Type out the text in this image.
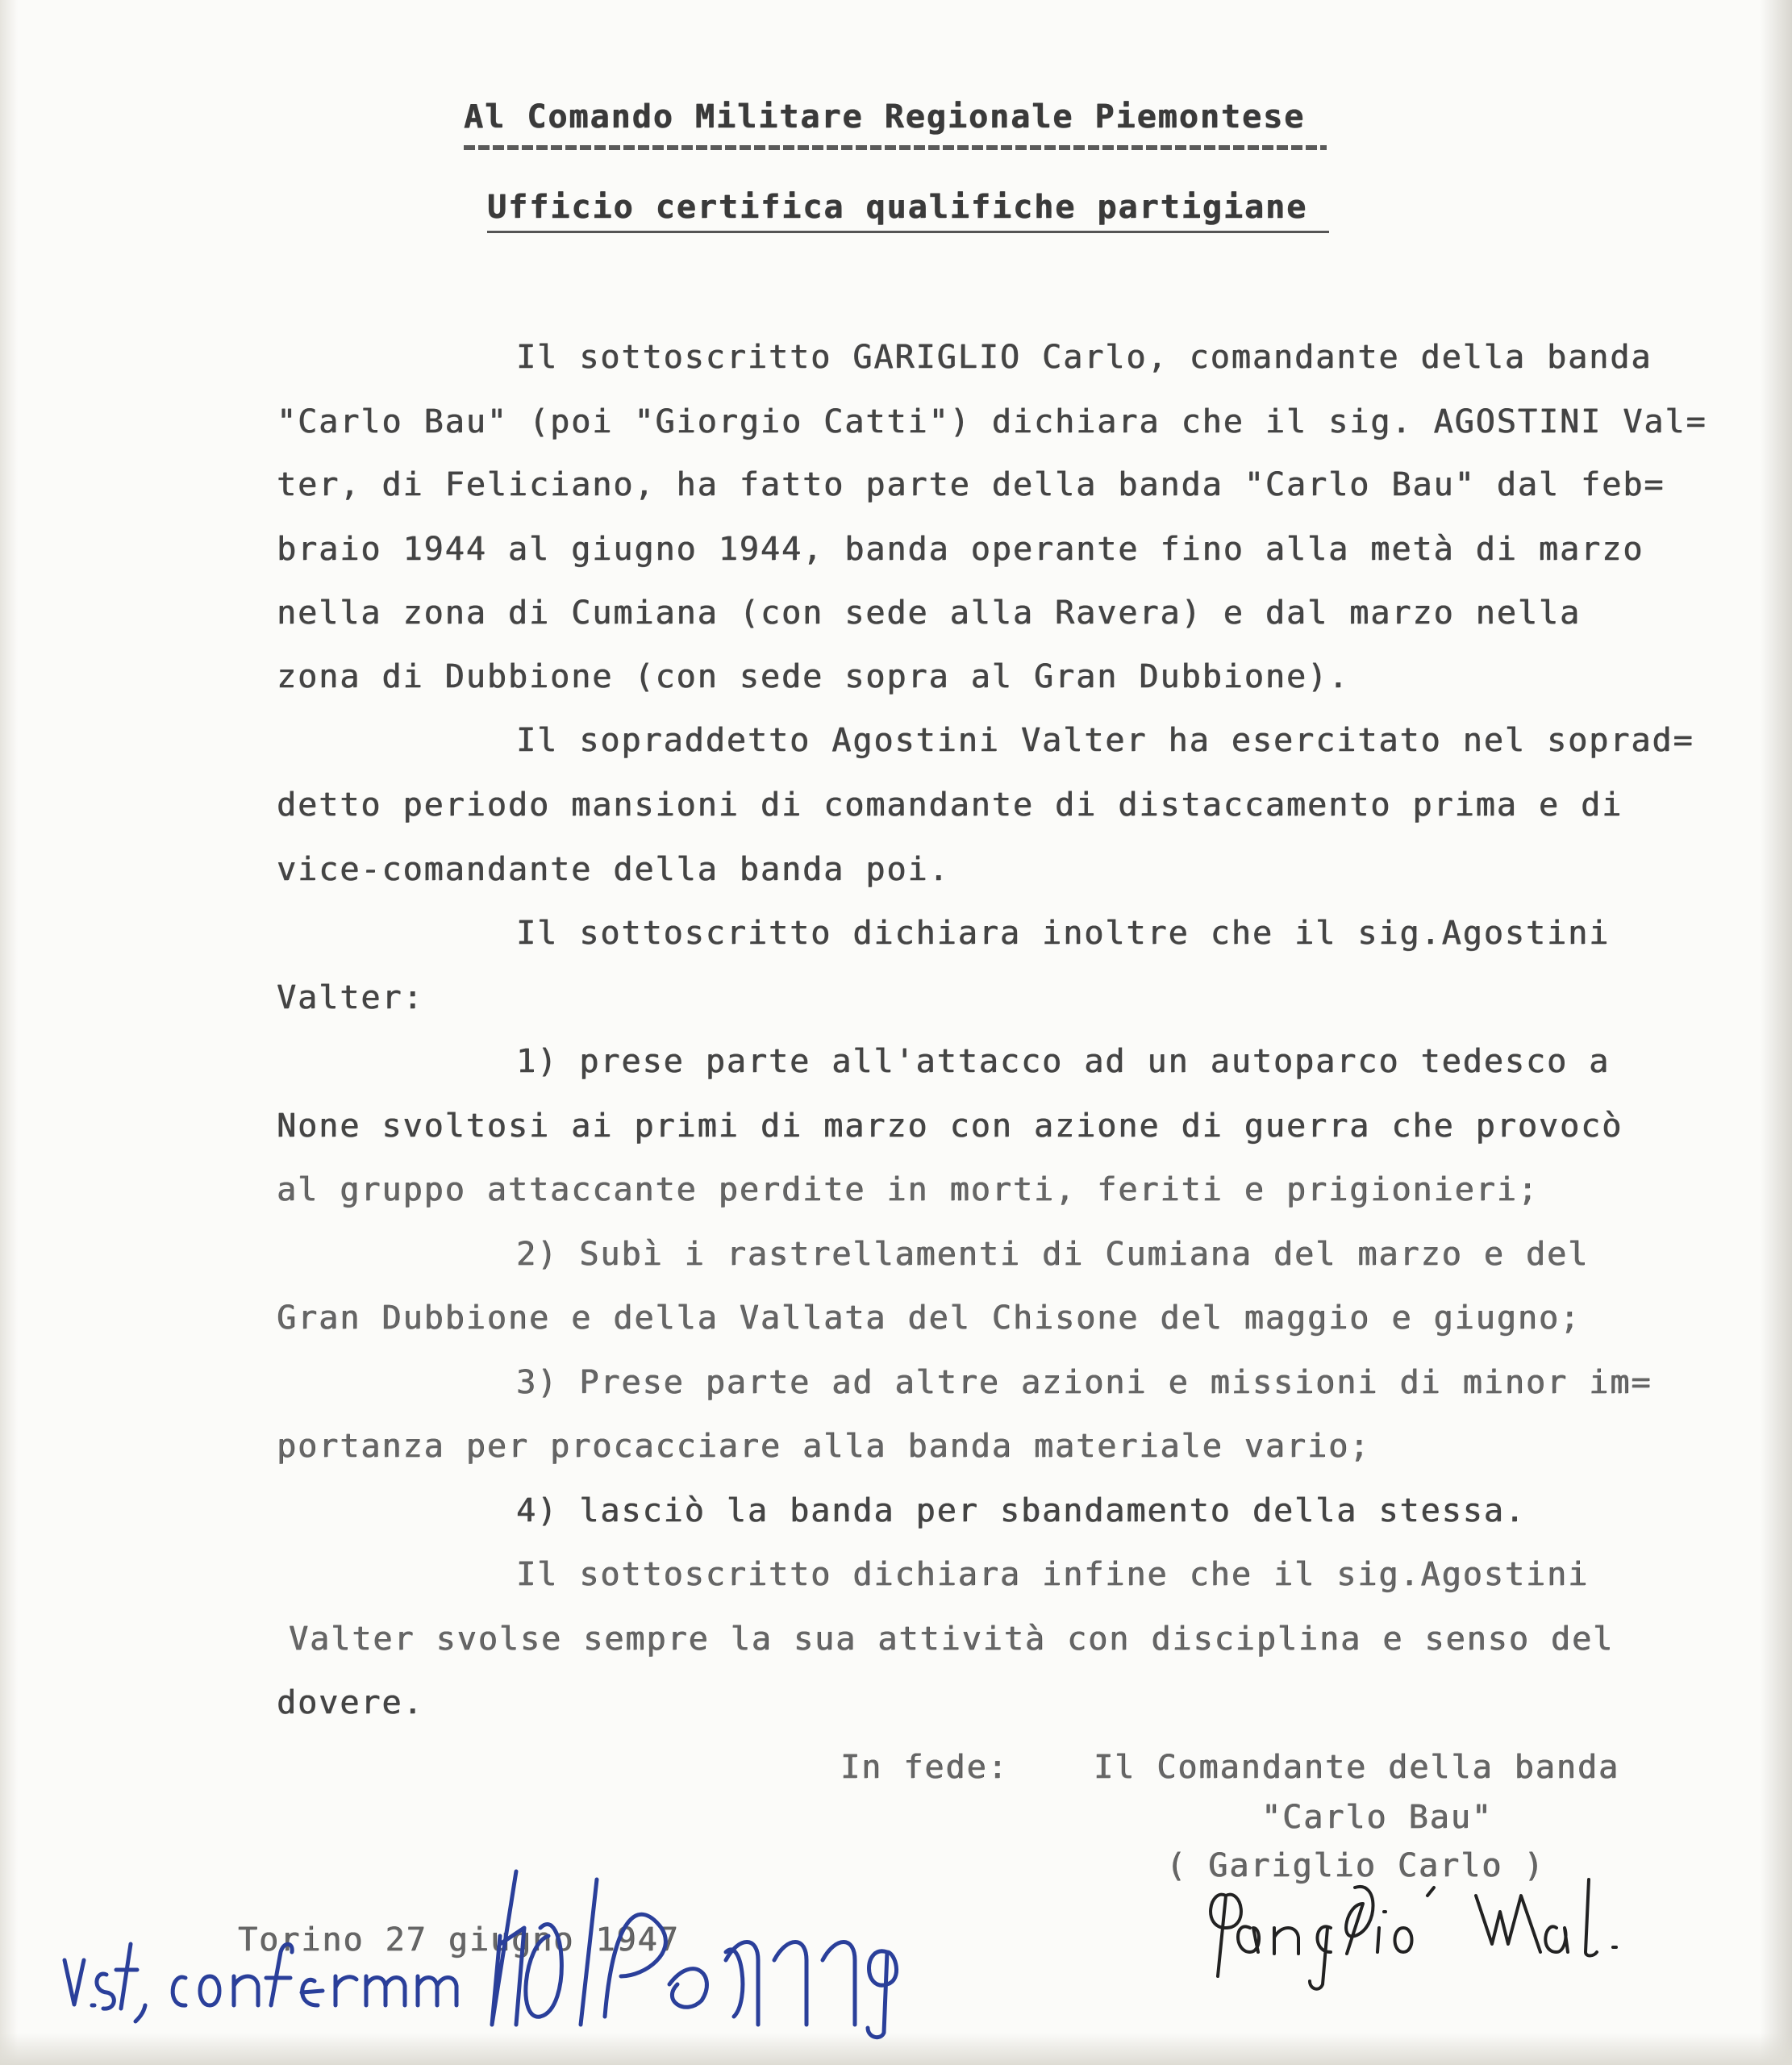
Al Comando Militare Regionale Piemontese
Ufficio certifica qualifiche partigiane
Il sottoscritto GARIGLIO Carlo, comandante della banda
"Carlo Bau" (poi "Giorgio Catti") dichiara che il sig. AGOSTINI Val=
ter, di Feliciano, ha fatto parte della banda "Carlo Bau" dal feb=
braio 1944 al giugno 1944, banda operante fino alla metà di marzo
nella zona di Cumiana (con sede alla Ravera) e dal marzo nella
zona di Dubbione (con sede sopra al Gran Dubbione).
Il sopraddetto Agostini Valter ha esercitato nel soprad=
detto periodo mansioni di comandante di distaccamento prima e di
vice-comandante della banda poi.
Il sottoscritto dichiara inoltre che il sig.Agostini
Valter:
1) prese parte all'attacco ad un autoparco tedesco a
None svoltosi ai primi di marzo con azione di guerra che provocò
al gruppo attaccante perdite in morti, feriti e prigionieri;
2) Subì i rastrellamenti di Cumiana del marzo e del
Gran Dubbione e della Vallata del Chisone del maggio e giugno;
3) Prese parte ad altre azioni e missioni di minor im=
portanza per procacciare alla banda materiale vario;
4) lasciò la banda per sbandamento della stessa.
Il sottoscritto dichiara infine che il sig.Agostini
Valter svolse sempre la sua attività con disciplina e senso del
dovere.
In fede:	Il Comandante della banda
"Carlo Bau"
( Gariglio Carlo )
Torino 27 giugno 1947
